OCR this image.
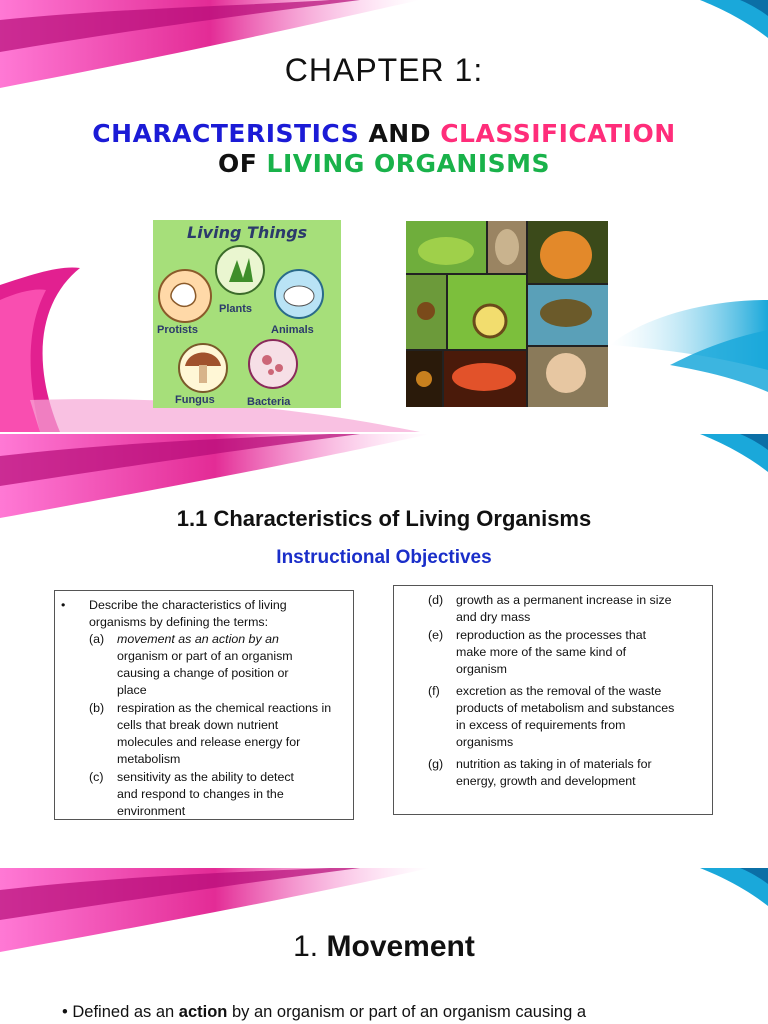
CHAPTER 1:
CHARACTERISTICS AND CLASSIFICATION
OF LIVING ORGANISMS
Living Things
Plants
Protists	Animals
Fungus	Bacteria
1.1 Characteristics of Living Organisms
Instructional Objectives
• Describe the characteristics of living
organisms by defining the terms:
(a) movement as an action by an
organism or part of an organism
causing a change of position or
place
(b) respiration as the chemical reactions in
cells that break down nutrient
molecules and release energy for
metabolism
(c) sensitivity as the ability to detect
and respond to changes in the
environment
(d) growth as a permanent increase in size
and dry mass
(e) reproduction as the processes that
make more of the same kind of
organism
(f) excretion as the removal of the waste
products of metabolism and substances
in excess of requirements from
organisms
(g) nutrition as taking in of materials for
energy, growth and development
1. Movement
• Defined as an action by an organism or part of an organism causing a
